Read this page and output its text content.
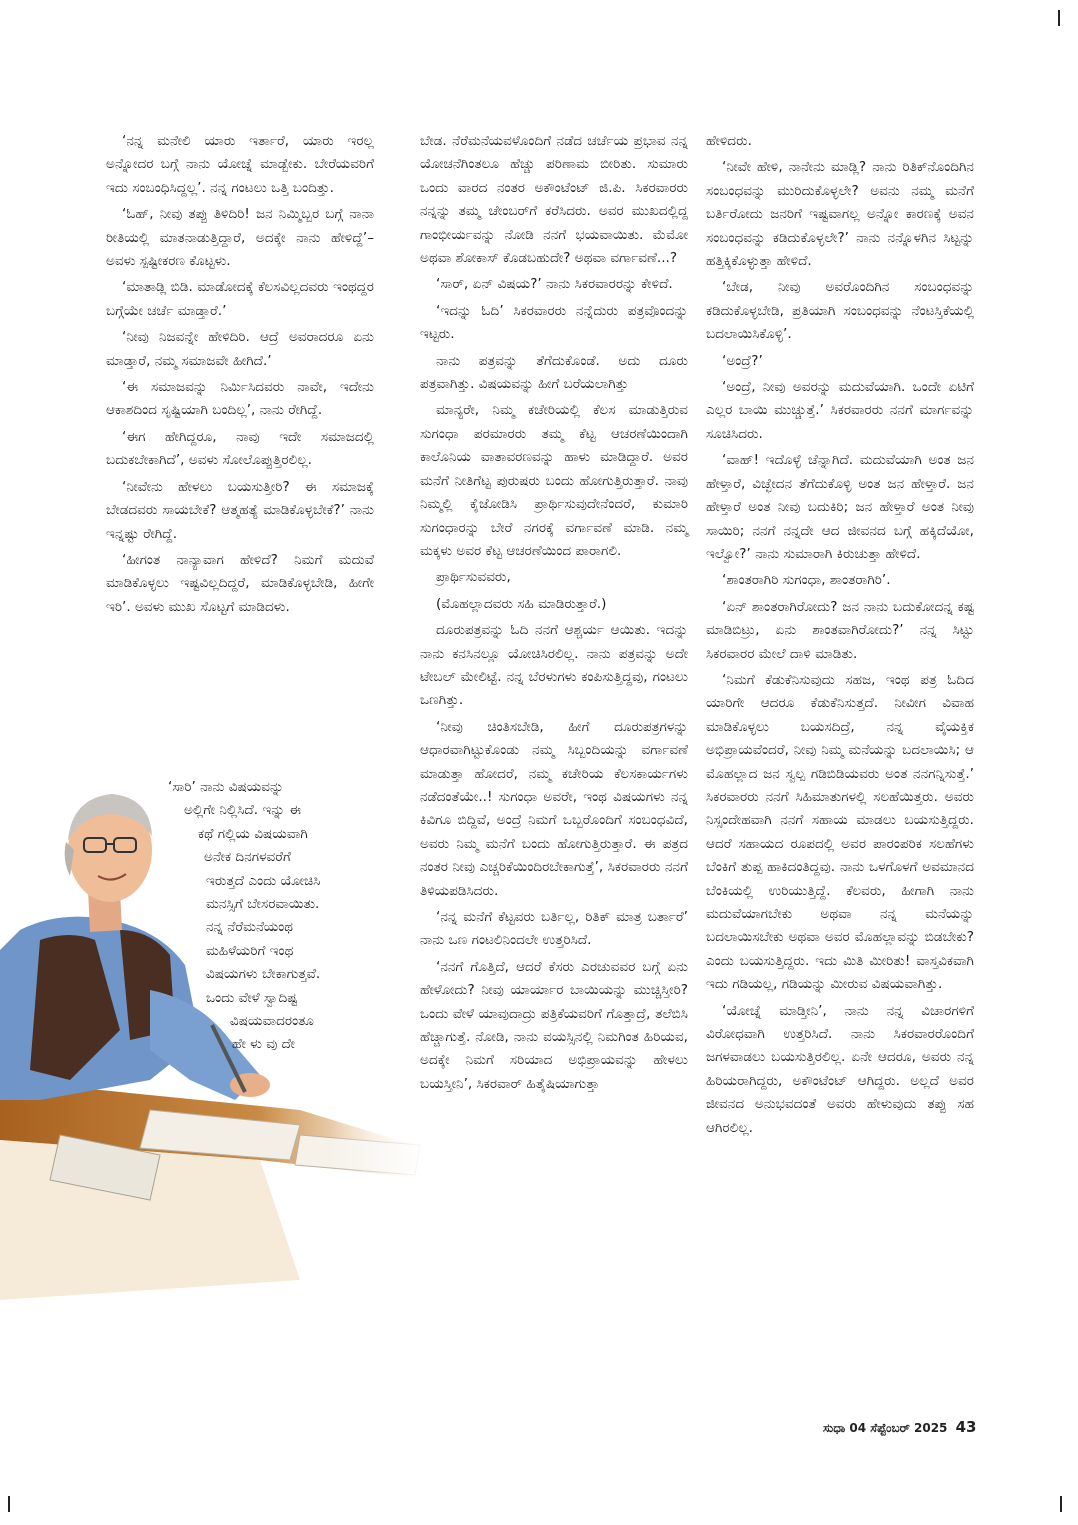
‘ನನ್ನ ಮನೇಲಿ ಯಾರು ಇರ್ತಾರೆ, ಯಾರು ಇರಲ್ಲ ಅನ್ನೋದರ ಬಗ್ಗೆ ನಾನು ಯೋಚ್ನೆ ಮಾಡ್ಬೇಕು. ಬೇರೆಯವರಿಗೆ ಇದು ಸಂಬಂಧಿಸಿದ್ದಲ್ಲ’. ನನ್ನ ಗಂಟಲು ಒತ್ತಿ ಬಂದಿತ್ತು.

‘ಓಹ್, ನೀವು ತಪ್ಪು ತಿಳಿದಿರಿ! ಜನ ನಿಮ್ಮಿಬ್ಬರ ಬಗ್ಗೆ ನಾನಾ ರೀತಿಯಲ್ಲಿ ಮಾತನಾಡುತ್ತಿದ್ದಾರೆ, ಅದಕ್ಕೇ ನಾನು ಹೇಳಿದ್ದೆ’– ಅವಳು ಸ್ಪಷ್ಟೀಕರಣ ಕೊಟ್ಟಳು.

‘ಮಾತಾಡ್ಲಿ ಬಿಡಿ. ಮಾಡೋದಕ್ಕೆ ಕೆಲಸವಿಲ್ಲದವರು ಇಂಥದ್ದರ ಬಗ್ಗೆಯೇ ಚರ್ಚೆ ಮಾಡ್ತಾರೆ.’

‘ನೀವು ನಿಜವನ್ನೇ ಹೇಳಿದಿರಿ. ಆದ್ರೆ ಅವರಾದರೂ ಏನು ಮಾಡ್ತಾರೆ, ನಮ್ಮ ಸಮಾಜವೇ ಹೀಗಿದೆ.’

‘ಈ ಸಮಾಜವನ್ನು ನಿರ್ಮಿಸಿದವರು ನಾವೇ, ಇದೇನು ಆಕಾಶದಿಂದ ಸೃಷ್ಟಿಯಾಗಿ ಬಂದಿಲ್ಲ’, ನಾನು ರೇಗಿದ್ದೆ.

‘ಈಗ ಹೇಗಿದ್ದರೂ, ನಾವು ಇದೇ ಸಮಾಜದಲ್ಲಿ ಬದುಕಬೇಕಾಗಿದೆ’, ಅವಳು ಸೋಲೊಪ್ಪುತ್ತಿರಲಿಲ್ಲ.

‘ನೀವೇನು ಹೇಳಲು ಬಯಸುತ್ತೀರಿ? ಈ ಸಮಾಜಕ್ಕೆ ಬೇಡದವರು ಸಾಯಬೇಕೆ? ಆತ್ಮಹತ್ಯೆ ಮಾಡಿಕೊಳ್ಳಬೇಕೆ?’ ನಾನು ಇನ್ನಷ್ಟು ರೇಗಿದ್ದೆ.

‘ಹೀಗಂತ ನಾನ್ಯಾವಾಗ ಹೇಳಿದೆ? ನಿಮಗೆ ಮದುವೆ ಮಾಡಿಕೊಳ್ಳಲು ಇಷ್ಟವಿಲ್ಲದಿದ್ದರೆ, ಮಾಡಿಕೊಳ್ಳಬೇಡಿ, ಹೀಗೇ ಇರಿ’. ಅವಳು ಮುಖ ಸೊಟ್ಟಗೆ ಮಾಡಿದಳು.

‘ಸಾರಿ’ ನಾನು ವಿಷಯವನ್ನು
ಅಲ್ಲಿಗೇ ನಿಲ್ಲಿಸಿದೆ. ಇನ್ನು ಈ
ಕಥೆ ಗಲ್ಲಿಯ ವಿಷಯವಾಗಿ
ಅನೇಕ ದಿನಗಳವರೆಗೆ
ಇರುತ್ತದೆ ಎಂದು ಯೋಚಿಸಿ
ಮನಸ್ಸಿಗೆ ಬೇಸರವಾಯಿತು.
ನನ್ನ ನೆರೆಮನೆಯಂಥ
ಮಹಿಳೆಯರಿಗೆ ಇಂಥ
ವಿಷಯಗಳು ಬೇಕಾಗುತ್ತವೆ.
ಒಂದು ವೇಳೆ ಸ್ವಾದಿಷ್ಟ
ವಿಷಯವಾದರಂತೂ
ಹೇ ಳು ವು ದೇ

ಬೇಡ. ನೆರೆಮನೆಯವಳೊಂದಿಗೆ ನಡೆದ ಚರ್ಚೆಯ ಪ್ರಭಾವ ನನ್ನ ಯೋಚನೆಗಿಂತಲೂ ಹೆಚ್ಚು ಪರಿಣಾಮ ಬೀರಿತು. ಸುಮಾರು ಒಂದು ವಾರದ ನಂತರ ಅಕೌಂಟೆಂಟ್ ಜಿ.ಪಿ. ಸಿಕರವಾರರು ನನ್ನನ್ನು ತಮ್ಮ ಚೇಂಬರ್‌ಗೆ ಕರೆಸಿದರು. ಅವರ ಮುಖದಲ್ಲಿದ್ದ ಗಾಂಭೀರ್ಯವನ್ನು ನೋಡಿ ನನಗೆ ಭಯವಾಯಿತು. ಮೆಮೋ ಅಥವಾ ಶೋಕಾಸ್ ಕೊಡಬಹುದೇ? ಅಥವಾ ವರ್ಗಾವಣೆ...?

‘ಸಾರ್, ಏನ್ ವಿಷಯ?’ ನಾನು ಸಿಕರವಾರರನ್ನು ಕೇಳಿದೆ.

‘ಇದನ್ನು ಓದಿ’ ಸಿಕರವಾರರು ನನ್ನೆದುರು ಪತ್ರವೊಂದನ್ನು ಇಟ್ಟರು.

ನಾನು ಪತ್ರವನ್ನು ತೆಗೆದುಕೊಂಡೆ. ಅದು ದೂರು ಪತ್ರವಾಗಿತ್ತು. ವಿಷಯವನ್ನು ಹೀಗೆ ಬರೆಯಲಾಗಿತ್ತು

ಮಾನ್ಯರೇ, ನಿಮ್ಮ ಕಚೇರಿಯಲ್ಲಿ ಕೆಲಸ ಮಾಡುತ್ತಿರುವ ಸುಗಂಧಾ ಪರಮಾರರು ತಮ್ಮ ಕೆಟ್ಟ ಆಚರಣೆಯಿಂದಾಗಿ ಕಾಲೊನಿಯ ವಾತಾವರಣವನ್ನು ಹಾಳು ಮಾಡಿದ್ದಾರೆ. ಅವರ ಮನೆಗೆ ನೀತಿಗೆಟ್ಟ ಪುರುಷರು ಬಂದು ಹೋಗುತ್ತಿರುತ್ತಾರೆ. ನಾವು ನಿಮ್ಮಲ್ಲಿ ಕೈಜೋಡಿಸಿ ಪ್ರಾರ್ಥಿಸುವುದೇನೆಂದರೆ, ಕುಮಾರಿ ಸುಗಂಧಾರನ್ನು ಬೇರೆ ನಗರಕ್ಕೆ ವರ್ಗಾವಣೆ ಮಾಡಿ. ನಮ್ಮ ಮಕ್ಕಳು ಅವರ ಕೆಟ್ಟ ಆಚರಣೆಯಿಂದ ಪಾರಾಗಲಿ.

ಪ್ರಾರ್ಥಿಸುವವರು,

(ಮೊಹಲ್ಲಾದವರು ಸಹಿ ಮಾಡಿರುತ್ತಾರೆ.)

ದೂರುಪತ್ರವನ್ನು ಓದಿ ನನಗೆ ಆಶ್ಚರ್ಯ ಆಯಿತು. ಇದನ್ನು ನಾನು ಕನಸಿನಲ್ಲೂ ಯೋಚಿಸಿರಲಿಲ್ಲ. ನಾನು ಪತ್ರವನ್ನು ಅದೇ ಟೇಬಲ್ ಮೇಲಿಟ್ಟೆ. ನನ್ನ ಬೆರಳುಗಳು ಕಂಪಿಸುತ್ತಿದ್ದವು, ಗಂಟಲು ಒಣಗಿತ್ತು.

‘ನೀವು ಚಿಂತಿಸಬೇಡಿ, ಹೀಗೆ ದೂರುಪತ್ರಗಳನ್ನು ಆಧಾರವಾಗಿಟ್ಟುಕೊಂಡು ನಮ್ಮ ಸಿಬ್ಬಂದಿಯನ್ನು ವರ್ಗಾವಣೆ ಮಾಡುತ್ತಾ ಹೋದರೆ, ನಮ್ಮ ಕಚೇರಿಯ ಕೆಲಸಕಾರ್ಯಗಳು ನಡೆದಂತೆಯೇ..! ಸುಗಂಧಾ ಅವರೇ, ಇಂಥ ವಿಷಯಗಳು ನನ್ನ ಕಿವಿಗೂ ಬಿದ್ದಿವೆ, ಅಂದ್ರೆ ನಿಮಗೆ ಒಬ್ಬರೊಂದಿಗೆ ಸಂಬಂಧವಿದೆ, ಅವರು ನಿಮ್ಮ ಮನೆಗೆ ಬಂದು ಹೋಗುತ್ತಿರುತ್ತಾರೆ. ಈ ಪತ್ರದ ನಂತರ ನೀವು ಎಚ್ಚರಿಕೆಯಿಂದಿರಬೇಕಾಗುತ್ತೆ’, ಸಿಕರವಾರರು ನನಗೆ ತಿಳಿಯಪಡಿಸಿದರು.

‘ನನ್ನ ಮನೆಗೆ ಕೆಟ್ಟವರು ಬರ್ತಿಲ್ಲ, ರಿತಿಕ್ ಮಾತ್ರ ಬರ್ತಾರೆ’ ನಾನು ಒಣ ಗಂಟಲಿನಿಂದಲೇ ಉತ್ತರಿಸಿದೆ.

‘ನನಗೆ ಗೊತ್ತಿದೆ, ಆದರೆ ಕೆಸರು ಎರಚುವವರ ಬಗ್ಗೆ ಏನು ಹೇಳೋದು? ನೀವು ಯಾರ್ಯಾರ ಬಾಯಿಯನ್ನು ಮುಚ್ಚಿಸ್ತೀರಿ? ಒಂದು ವೇಳೆ ಯಾವುದಾದ್ರು ಪತ್ರಿಕೆಯವರಿಗೆ ಗೊತ್ತಾದ್ರೆ, ತಲೆಬಿಸಿ ಹೆಚ್ಚಾಗುತ್ತೆ. ನೋಡಿ, ನಾನು ವಯಸ್ಸಿನಲ್ಲಿ ನಿಮಗಿಂತ ಹಿರಿಯವ, ಅದಕ್ಕೇ ನಿಮಗೆ ಸರಿಯಾದ ಅಭಿಪ್ರಾಯವನ್ನು ಹೇಳಲು ಬಯಸ್ತೀನಿ’, ಸಿಕರವಾರ್ ಹಿತೈಷಿಯಾಗುತ್ತಾ

ಹೇಳಿದರು.

‘ನೀವೇ ಹೇಳಿ, ನಾನೇನು ಮಾಡ್ಲಿ? ನಾನು ರಿತಿಕ್‌ನೊಂದಿಗಿನ ಸಂಬಂಧವನ್ನು ಮುರಿದುಕೊಳ್ಳಲೇ? ಅವನು ನಮ್ಮ ಮನೆಗೆ ಬರ್ತಿರೋದು ಜನರಿಗೆ ಇಷ್ಟವಾಗಲ್ಲ ಅನ್ನೋ ಕಾರಣಕ್ಕೆ ಅವನ ಸಂಬಂಧವನ್ನು ಕಡಿದುಕೊಳ್ಳಲೇ?’ ನಾನು ನನ್ನೊಳಗಿನ ಸಿಟ್ಟನ್ನು ಹತ್ತಿಕ್ಕಿಕೊಳ್ಳುತ್ತಾ ಹೇಳಿದೆ.

‘ಬೇಡ, ನೀವು ಅವರೊಂದಿಗಿನ ಸಂಬಂಧವನ್ನು ಕಡಿದುಕೊಳ್ಳಬೇಡಿ, ಪ್ರತಿಯಾಗಿ ಸಂಬಂಧವನ್ನು ನೆಂಟಸ್ತಿಕೆಯಲ್ಲಿ ಬದಲಾಯಿಸಿಕೊಳ್ಳಿ’.

‘ಅಂದ್ರೆ?’

‘ಅಂದ್ರೆ, ನೀವು ಅವರನ್ನು ಮದುವೆಯಾಗಿ. ಒಂದೇ ಏಟಿಗೆ ಎಲ್ಲರ ಬಾಯಿ ಮುಚ್ಚುತ್ತೆ.’ ಸಿಕರವಾರರು ನನಗೆ ಮಾರ್ಗವನ್ನು ಸೂಚಿಸಿದರು.

‘ವಾಹ್! ಇದೊಳ್ಳೆ ಚೆನ್ನಾಗಿದೆ. ಮದುವೆಯಾಗಿ ಅಂತ ಜನ ಹೇಳ್ತಾರೆ, ವಿಚ್ಛೇದನ ತೆಗೆದುಕೊಳ್ಳಿ ಅಂತ ಜನ ಹೇಳ್ತಾರೆ. ಜನ ಹೇಳ್ತಾರೆ ಅಂತ ನೀವು ಬದುಕಿರಿ; ಜನ ಹೇಳ್ತಾರೆ ಅಂತ ನೀವು ಸಾಯಿರಿ; ನನಗೆ ನನ್ನದೇ ಆದ ಜೀವನದ ಬಗ್ಗೆ ಹಕ್ಕಿದೆಯೋ, ಇಲ್ವೋ?’ ನಾನು ಸುಮಾರಾಗಿ ಕಿರುಚುತ್ತಾ ಹೇಳಿದೆ.

‘ಶಾಂತರಾಗಿರಿ ಸುಗಂಧಾ, ಶಾಂತರಾಗಿರಿ’.

‘ಏನ್ ಶಾಂತರಾಗಿರೋದು? ಜನ ನಾನು ಬದುಕೋದನ್ನ ಕಷ್ಟ ಮಾಡಿಬಿಟ್ರು, ಏನು ಶಾಂತವಾಗಿರೋದು?’ ನನ್ನ ಸಿಟ್ಟು ಸಿಕರವಾರರ ಮೇಲೆ ದಾಳಿ ಮಾಡಿತು.

‘ನಿಮಗೆ ಕೆಡುಕೆನಿಸುವುದು ಸಹಜ, ಇಂಥ ಪತ್ರ ಓದಿದ ಯಾರಿಗೇ ಆದರೂ ಕೆಡುಕೆನಿಸುತ್ತದೆ. ನೀವೀಗ ವಿವಾಹ ಮಾಡಿಕೊಳ್ಳಲು ಬಯಸದಿದ್ರೆ, ನನ್ನ ವೈಯಕ್ತಿಕ ಅಭಿಪ್ರಾಯವೆಂದರೆ, ನೀವು ನಿಮ್ಮ ಮನೆಯನ್ನು ಬದಲಾಯಿಸಿ; ಆ ಮೊಹಲ್ಲಾದ ಜನ ಸ್ವಲ್ಪ ಗಡಿಬಿಡಿಯವರು ಅಂತ ನನಗನ್ನಿಸುತ್ತೆ.’ ಸಿಕರವಾರರು ನನಗೆ ಸಿಹಿಮಾತುಗಳಲ್ಲಿ ಸಲಹೆಯಿತ್ತರು. ಅವರು ನಿಸ್ಸಂದೇಹವಾಗಿ ನನಗೆ ಸಹಾಯ ಮಾಡಲು ಬಯಸುತ್ತಿದ್ದರು. ಆದರೆ ಸಹಾಯದ ರೂಪದಲ್ಲಿ ಅವರ ಪಾರಂಪರಿಕ ಸಲಹೆಗಳು ಬೆಂಕಿಗೆ ತುಪ್ಪ ಹಾಕಿದಂತಿದ್ದವು. ನಾನು ಒಳಗೊಳಗೆ ಅವಮಾನದ ಬೆಂಕಿಯಲ್ಲಿ ಉರಿಯುತ್ತಿದ್ದೆ. ಕೆಲವರು, ಹೀಗಾಗಿ ನಾನು ಮದುವೆಯಾಗಬೇಕು ಅಥವಾ ನನ್ನ ಮನೆಯನ್ನು ಬದಲಾಯಿಸಬೇಕು ಅಥವಾ ಅವರ ಮೊಹಲ್ಲಾವನ್ನು ಬಿಡಬೇಕು? ಎಂದು ಬಯಸುತ್ತಿದ್ದರು. ಇದು ಮಿತಿ ಮೀರಿತು! ವಾಸ್ತವಿಕವಾಗಿ ಇದು ಗಡಿಯಲ್ಲ, ಗಡಿಯನ್ನು ಮೀರುವ ವಿಷಯವಾಗಿತ್ತು.

‘ಯೋಚ್ನೆ ಮಾಡ್ತೀನಿ’, ನಾನು ನನ್ನ ವಿಚಾರಗಳಿಗೆ ವಿರೋಧವಾಗಿ ಉತ್ತರಿಸಿದೆ. ನಾನು ಸಿಕರವಾರರೊಂದಿಗೆ ಜಗಳವಾಡಲು ಬಯಸುತ್ತಿರಲಿಲ್ಲ. ಏನೇ ಆದರೂ, ಅವರು ನನ್ನ ಹಿರಿಯರಾಗಿದ್ದರು, ಅಕೌಂಟೆಂಟ್ ಆಗಿದ್ದರು. ಅಲ್ಲದೆ ಅವರ ಜೀವನದ ಅನುಭವದಂತೆ ಅವರು ಹೇಳುವುದು ತಪ್ಪು ಸಹ ಆಗಿರಲಿಲ್ಲ.

ಸುಧಾ 04 ಸೆಪ್ಟೆಂಬರ್ 2025 43
